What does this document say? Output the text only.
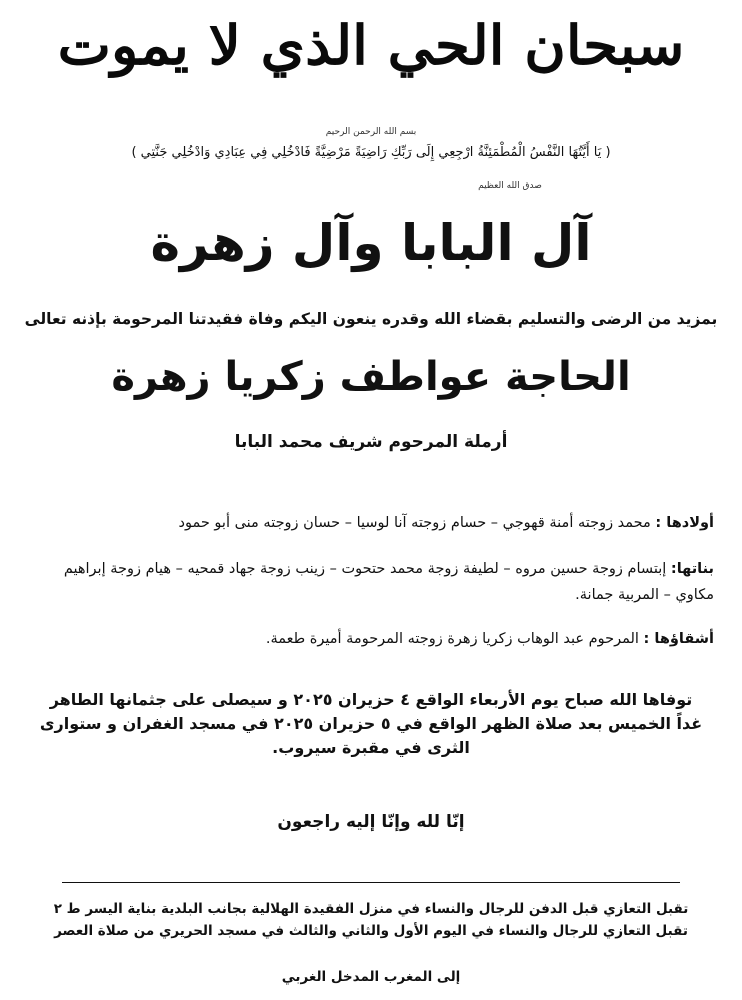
سبحان الحي الذي لا يموت
بسم الله الرحمن الرحيم
( يَا أَيَّتُهَا النَّفْسُ الْمُطْمَئِنَّةُ ارْجِعِي إِلَى رَبِّكِ رَاضِيَةً مَرْضِيَّةً فَادْخُلِي فِي عِبَادِي وَادْخُلِي جَنَّتِي )
صدق الله العظيم
آل البابا وآل زهرة
بمزيد من الرضى والتسليم بقضاء الله وقدره ينعون اليكم وفاة فقيدتنا المرحومة بإذنه تعالى
الحاجة عواطف زكريا زهرة
أرملة المرحوم شريف محمد البابا
أولادها : محمد زوجته أمنة قهوجي – حسام زوجته آنا لوسيا – حسان زوجته منى أبو حمود
بناتها: إبتسام زوجة حسين مروه – لطيفة زوجة محمد حتحوت – زينب زوجة جهاد قمحيه – هيام زوجة إبراهيم مكاوي – المربية جمانة.
أشقاؤها : المرحوم عبد الوهاب زكريا زهرة زوجته المرحومة أميرة طعمة.
توفاها الله صباح يوم الأربعاء الواقع ٤ حزيران ٢٠٢٥ و سيصلى على جثمانها الطاهر
غداً الخميس بعد صلاة الظهر الواقع في ٥ حزيران ٢٠٢٥ في مسجد الغفران و ستوارى
الثرى في مقبرة سيروب.
إنّا لله وإنّا إليه راجعون
تقبل التعازي قبل الدفن للرجال والنساء في منزل الفقيدة الهلالية بجانب البلدية بناية اليسر ط ٢
تقبل التعازي للرجال والنساء في اليوم الأول والثاني والثالث في مسجد الحريري من صلاة العصر
إلى المغرب المدخل الغربي
